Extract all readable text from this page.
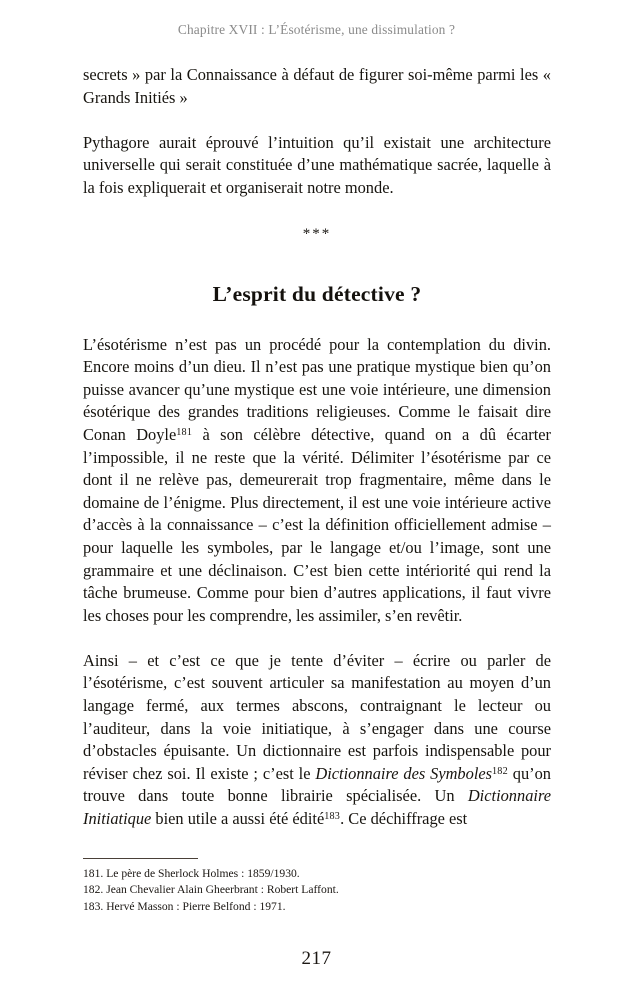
Chapitre XVII : L’Ésotérisme, une dissimulation ?

secrets » par la Connaissance à défaut de figurer soi-même parmi les « Grands Initiés »

Pythagore aurait éprouvé l’intuition qu’il existait une architecture universelle qui serait constituée d’une mathématique sacrée, laquelle à la fois expliquerait et organiserait notre monde.

***

L’esprit du détective ?

L’ésotérisme n’est pas un procédé pour la contemplation du divin. Encore moins d’un dieu. Il n’est pas une pratique mystique bien qu’on puisse avancer qu’une mystique est une voie intérieure, une dimension ésotérique des grandes traditions religieuses. Comme le faisait dire Conan Doyle$^{181}$ à son célèbre détective, quand on a dû écarter l’impossible, il ne reste que la vérité. Délimiter l’ésotérisme par ce dont il ne relève pas, demeurerait trop fragmentaire, même dans le domaine de l’énigme. Plus directement, il est une voie intérieure active d’accès à la connaissance – c’est la définition officiellement admise – pour laquelle les symboles, par le langage et/ou l’image, sont une grammaire et une déclinaison. C’est bien cette intériorité qui rend la tâche brumeuse. Comme pour bien d’autres applications, il faut vivre les choses pour les comprendre, les assimiler, s’en revêtir.

Ainsi – et c’est ce que je tente d’éviter – écrire ou parler de l’ésotérisme, c’est souvent articuler sa manifestation au moyen d’un langage fermé, aux termes abscons, contraignant le lecteur ou l’auditeur, dans la voie initiatique, à s’engager dans une course d’obstacles épuisante. Un dictionnaire est parfois indispensable pour réviser chez soi. Il existe ; c’est le Dictionnaire des Symboles$^{182}$ qu’on trouve dans toute bonne librairie spécialisée. Un Dictionnaire Initiatique bien utile a aussi été édité$^{183}$. Ce déchiffrage est

181. Le père de Sherlock Holmes : 1859/1930.

182. Jean Chevalier Alain Gheerbrant : Robert Laffont.

183. Hervé Masson : Pierre Belfond : 1971.

217
